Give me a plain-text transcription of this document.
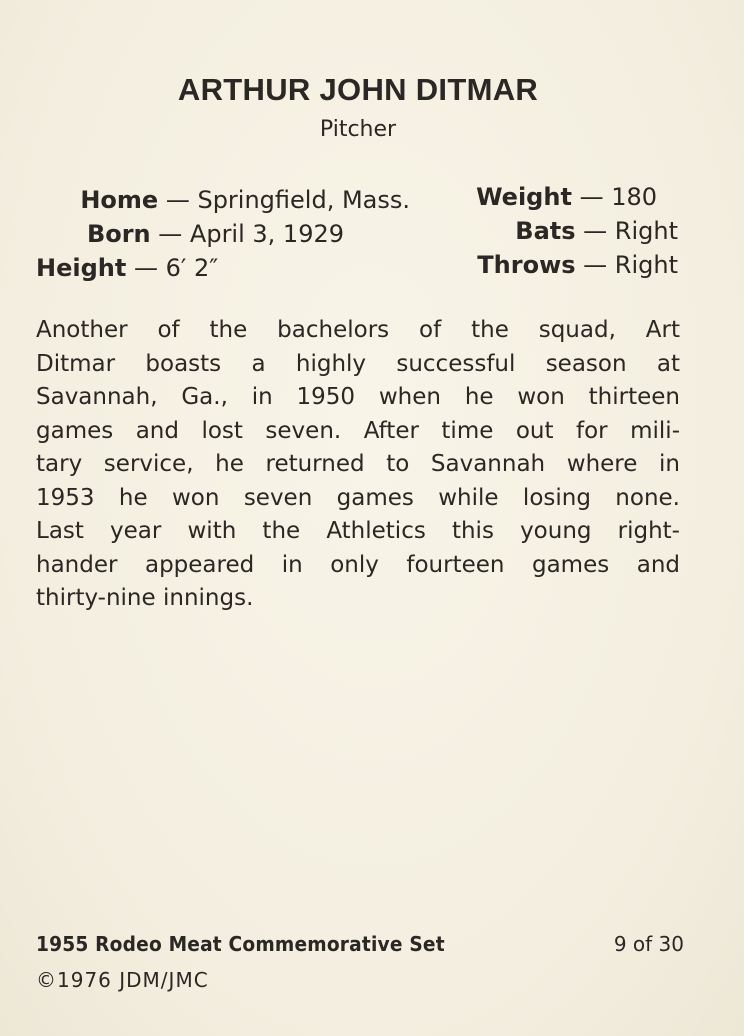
ARTHUR JOHN DITMAR
Pitcher
Home — Springfield, Mass.
Born — April 3, 1929
Height — 6′ 2″
Weight — 180
Bats — Right
Throws — Right
Another of the bachelors of the squad, Art
Ditmar boasts a highly successful season at
Savannah, Ga., in 1950 when he won thirteen
games and lost seven. After time out for mili-
tary service, he returned to Savannah where in
1953 he won seven games while losing none.
Last year with the Athletics this young right-
hander appeared in only fourteen games and
thirty-nine innings.
1955 Rodeo Meat Commemorative Set	9 of 30
©1976 JDM/JMC
